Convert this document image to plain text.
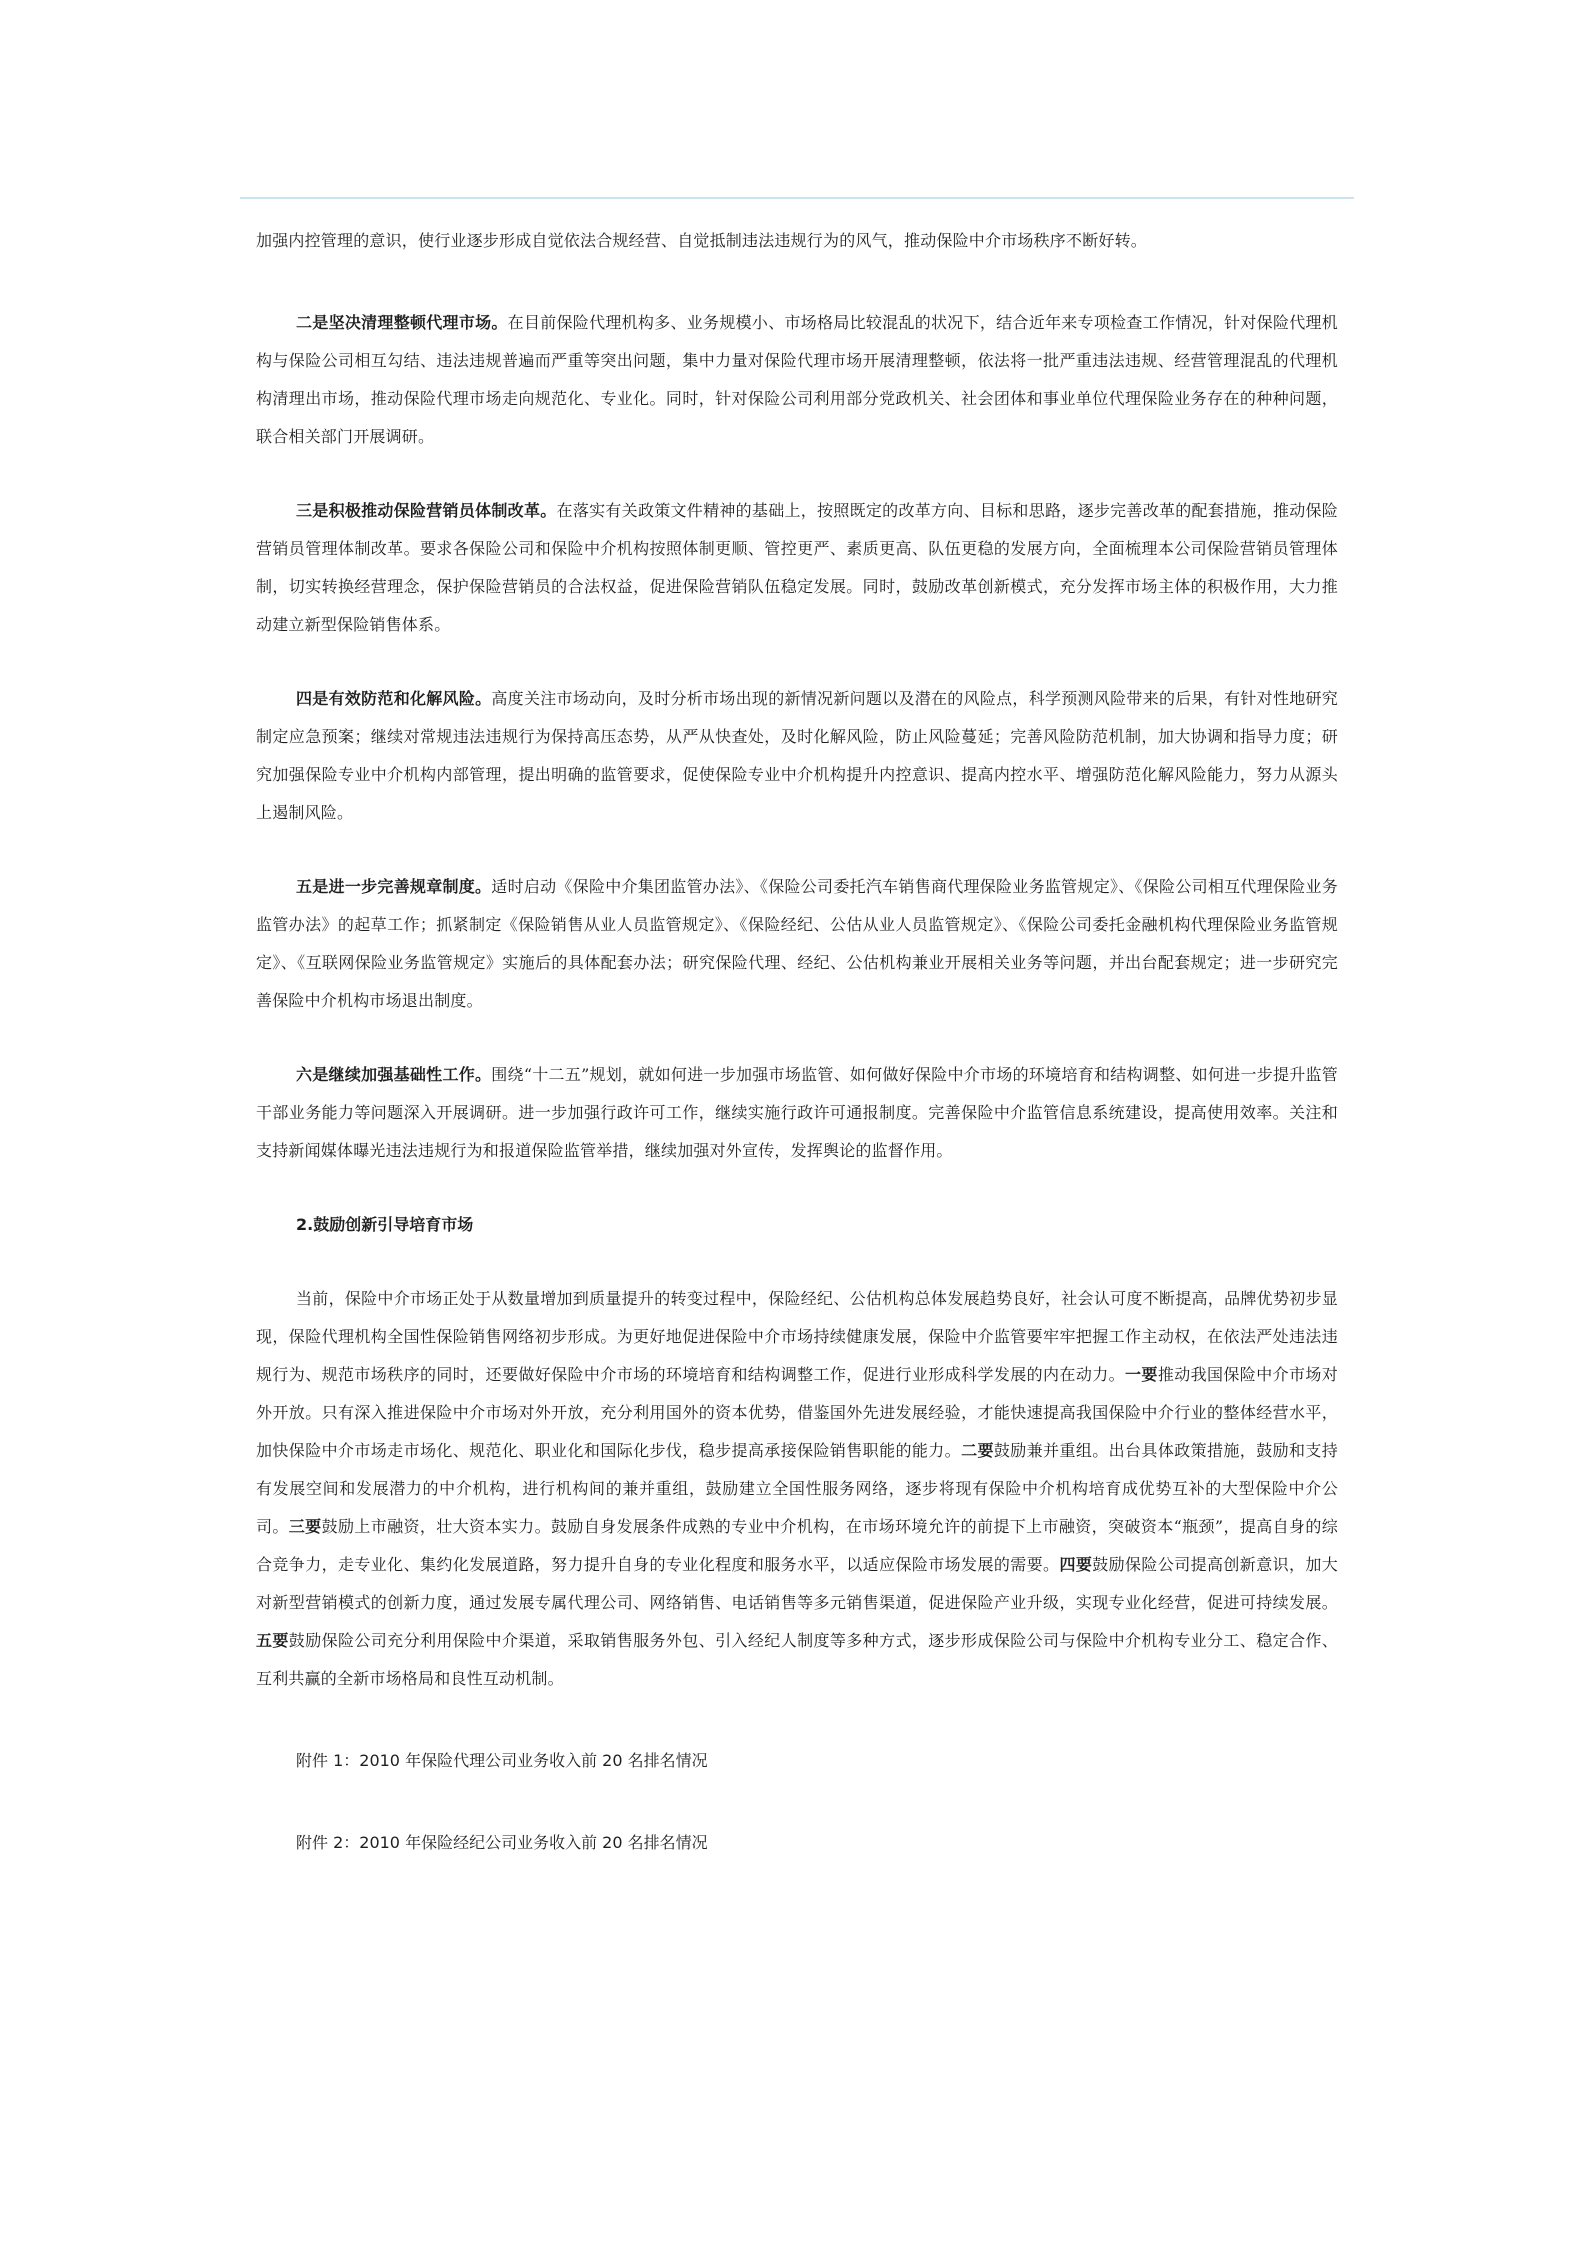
加强内控管理的意识，使行业逐步形成自觉依法合规经营、自觉抵制违法违规行为的风气，推动保险中介市场秩序不断好转。

二是坚决清理整顿代理市场。在目前保险代理机构多、业务规模小、市场格局比较混乱的状况下，结合近年来专项检查工作情况，针对保险代理机构与保险公司相互勾结、违法违规普遍而严重等突出问题，集中力量对保险代理市场开展清理整顿，依法将一批严重违法违规、经营管理混乱的代理机构清理出市场，推动保险代理市场走向规范化、专业化。同时，针对保险公司利用部分党政机关、社会团体和事业单位代理保险业务存在的种种问题，联合相关部门开展调研。

三是积极推动保险营销员体制改革。在落实有关政策文件精神的基础上，按照既定的改革方向、目标和思路，逐步完善改革的配套措施，推动保险营销员管理体制改革。要求各保险公司和保险中介机构按照体制更顺、管控更严、素质更高、队伍更稳的发展方向，全面梳理本公司保险营销员管理体制，切实转换经营理念，保护保险营销员的合法权益，促进保险营销队伍稳定发展。同时，鼓励改革创新模式，充分发挥市场主体的积极作用，大力推动建立新型保险销售体系。

四是有效防范和化解风险。高度关注市场动向，及时分析市场出现的新情况新问题以及潜在的风险点，科学预测风险带来的后果，有针对性地研究制定应急预案；继续对常规违法违规行为保持高压态势，从严从快查处，及时化解风险，防止风险蔓延；完善风险防范机制，加大协调和指导力度；研究加强保险专业中介机构内部管理，提出明确的监管要求，促使保险专业中介机构提升内控意识、提高内控水平、增强防范化解风险能力，努力从源头上遏制风险。

五是进一步完善规章制度。适时启动《保险中介集团监管办法》、《保险公司委托汽车销售商代理保险业务监管规定》、《保险公司相互代理保险业务监管办法》的起草工作；抓紧制定《保险销售从业人员监管规定》、《保险经纪、公估从业人员监管规定》、《保险公司委托金融机构代理保险业务监管规定》、《互联网保险业务监管规定》实施后的具体配套办法；研究保险代理、经纪、公估机构兼业开展相关业务等问题，并出台配套规定；进一步研究完善保险中介机构市场退出制度。

六是继续加强基础性工作。围绕“十二五”规划，就如何进一步加强市场监管、如何做好保险中介市场的环境培育和结构调整、如何进一步提升监管干部业务能力等问题深入开展调研。进一步加强行政许可工作，继续实施行政许可通报制度。完善保险中介监管信息系统建设，提高使用效率。关注和支持新闻媒体曝光违法违规行为和报道保险监管举措，继续加强对外宣传，发挥舆论的监督作用。

2.鼓励创新引导培育市场

当前，保险中介市场正处于从数量增加到质量提升的转变过程中，保险经纪、公估机构总体发展趋势良好，社会认可度不断提高，品牌优势初步显现，保险代理机构全国性保险销售网络初步形成。为更好地促进保险中介市场持续健康发展，保险中介监管要牢牢把握工作主动权，在依法严处违法违规行为、规范市场秩序的同时，还要做好保险中介市场的环境培育和结构调整工作，促进行业形成科学发展的内在动力。一要推动我国保险中介市场对外开放。只有深入推进保险中介市场对外开放，充分利用国外的资本优势，借鉴国外先进发展经验，才能快速提高我国保险中介行业的整体经营水平，加快保险中介市场走市场化、规范化、职业化和国际化步伐，稳步提高承接保险销售职能的能力。二要鼓励兼并重组。出台具体政策措施，鼓励和支持有发展空间和发展潜力的中介机构，进行机构间的兼并重组，鼓励建立全国性服务网络，逐步将现有保险中介机构培育成优势互补的大型保险中介公司。三要鼓励上市融资，壮大资本实力。鼓励自身发展条件成熟的专业中介机构，在市场环境允许的前提下上市融资，突破资本“瓶颈”，提高自身的综合竞争力，走专业化、集约化发展道路，努力提升自身的专业化程度和服务水平，以适应保险市场发展的需要。四要鼓励保险公司提高创新意识，加大对新型营销模式的创新力度，通过发展专属代理公司、网络销售、电话销售等多元销售渠道，促进保险产业升级，实现专业化经营，促进可持续发展。五要鼓励保险公司充分利用保险中介渠道，采取销售服务外包、引入经纪人制度等多种方式，逐步形成保险公司与保险中介机构专业分工、稳定合作、互利共赢的全新市场格局和良性互动机制。

附件 1：2010 年保险代理公司业务收入前 20 名排名情况

附件 2：2010 年保险经纪公司业务收入前 20 名排名情况
